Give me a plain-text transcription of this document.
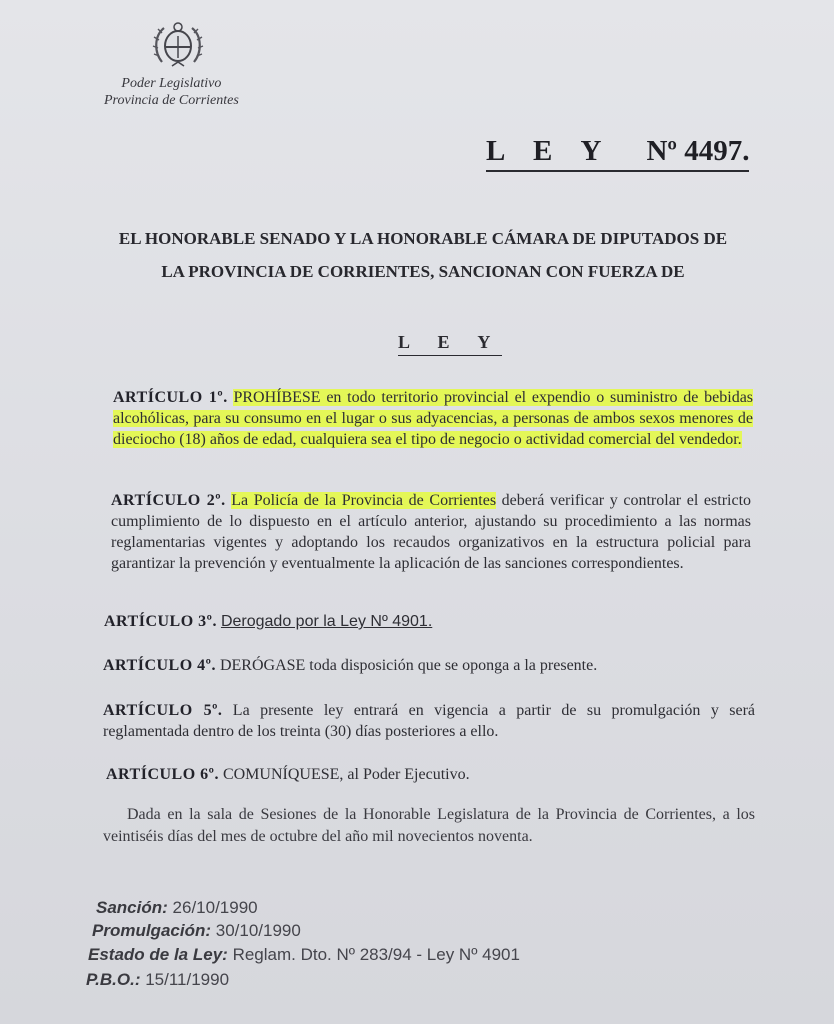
Poder Legislativo
Provincia de Corrientes
L E Y Nº 4497.
EL HONORABLE SENADO Y LA HONORABLE CÁMARA DE DIPUTADOS DE LA PROVINCIA DE CORRIENTES, SANCIONAN CON FUERZA DE
L E Y
ARTÍCULO 1º. PROHÍBESE en todo territorio provincial el expendio o suministro de bebidas alcohólicas, para su consumo en el lugar o sus adyacencias, a personas de ambos sexos menores de dieciocho (18) años de edad, cualquiera sea el tipo de negocio o actividad comercial del vendedor.
ARTÍCULO 2º. La Policía de la Provincia de Corrientes deberá verificar y controlar el estricto cumplimiento de lo dispuesto en el artículo anterior, ajustando su procedimiento a las normas reglamentarias vigentes y adoptando los recaudos organizativos en la estructura policial para garantizar la prevención y eventualmente la aplicación de las sanciones correspondientes.
ARTÍCULO 3º. Derogado por la Ley Nº 4901.
ARTÍCULO 4º. DERÓGASE toda disposición que se oponga a la presente.
ARTÍCULO 5º. La presente ley entrará en vigencia a partir de su promulgación y será reglamentada dentro de los treinta (30) días posteriores a ello.
ARTÍCULO 6º. COMUNÍQUESE, al Poder Ejecutivo.
Dada en la sala de Sesiones de la Honorable Legislatura de la Provincia de Corrientes, a los veintiséis días del mes de octubre del año mil novecientos noventa.
Sanción: 26/10/1990
Promulgación: 30/10/1990
Estado de la Ley: Reglam. Dto. Nº 283/94 - Ley Nº 4901
P.B.O.: 15/11/1990
